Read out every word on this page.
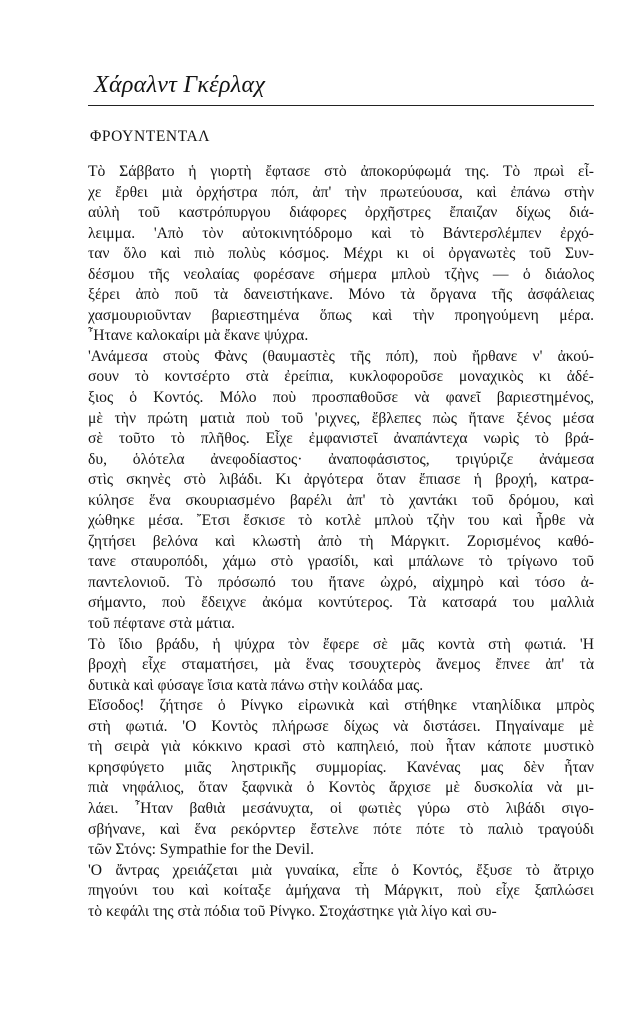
Χάραλντ Γκέρλαχ
ΦΡΟΥΝΤΕΝΤΑΛ

Τὸ Σάββατο ἡ γιορτὴ ἔφτασε στὸ ἀποκορύφωμά της. Τὸ πρωὶ εἶ-
χε ἔρθει μιὰ ὀρχήστρα πόπ, ἀπ' τὴν πρωτεύουσα, καὶ ἐπάνω στὴν
αὐλὴ τοῦ καστρόπυργου διάφορες ὀρχῆστρες ἔπαιζαν δίχως διά-
λειμμα. 'Απὸ τὸν αὐτοκινητόδρομο καὶ τὸ Βάντερσλέμπεν ἐρχό-
ταν ὅλο καὶ πιὸ πολὺς κόσμος. Μέχρι κι οἱ ὀργανωτὲς τοῦ Συν-
δέσμου τῆς νεολαίας φορέσανε σήμερα μπλοὺ τζὴνς — ὁ διάολος
ξέρει ἀπὸ ποῦ τὰ δανειστήκανε. Μόνο τὰ ὄργανα τῆς ἀσφάλειας
χασμουριοῦνταν βαριεστημένα ὅπως καὶ τὴν προηγούμενη μέρα.
῏Ητανε καλοκαίρι μὰ ἔκανε ψύχρα.

'Ανάμεσα στοὺς Φὰνς (θαυμαστὲς τῆς πόπ), ποὺ ἤρθανε ν' ἀκού-
σουν τὸ κοντσέρτο στὰ ἐρείπια, κυκλοφοροῦσε μοναχικὸς κι ἀδέ-
ξιος ὁ Κοντός. Μόλο ποὺ προσπαθοῦσε νὰ φανεῖ βαριεστημένος,
μὲ τὴν πρώτη ματιὰ ποὺ τοῦ 'ριχνες, ἔβλεπες πὼς ἤτανε ξένος μέσα
σὲ τοῦτο τὸ πλῆθος. Εἶχε ἐμφανιστεῖ ἀναπάντεχα νωρὶς τὸ βρά-
δυ, ὁλότελα ἀνεφοδίαστος· ἀναποφάσιστος, τριγύριζε ἀνάμεσα
στὶς σκηνὲς στὸ λιβάδι. Κι ἀργότερα ὅταν ἔπιασε ἡ βροχή, κατρα-
κύλησε ἕνα σκουριασμένο βαρέλι ἀπ' τὸ χαντάκι τοῦ δρόμου, καὶ
χώθηκε μέσα. ῎Ετσι ἔσκισε τὸ κοτλὲ μπλοὺ τζὴν του καὶ ἦρθε νὰ
ζητήσει βελόνα καὶ κλωστὴ ἀπὸ τὴ Μάργκιτ. Ζορισμένος καθό-
τανε σταυροπόδι, χάμω στὸ γρασίδι, καὶ μπάλωνε τὸ τρίγωνο τοῦ
παντελονιοῦ. Τὸ πρόσωπό του ἤτανε ὠχρό, αἰχμηρὸ καὶ τόσο ἀ-
σήμαντο, ποὺ ἔδειχνε ἀκόμα κοντύτερος. Τὰ κατσαρά του μαλλιὰ
τοῦ πέφτανε στὰ μάτια.

Τὸ ἴδιο βράδυ, ἡ ψύχρα τὸν ἔφερε σὲ μᾶς κοντὰ στὴ φωτιά. 'Η
βροχὴ εἶχε σταματήσει, μὰ ἕνας τσουχτερὸς ἄνεμος ἔπνεε ἀπ' τὰ
δυτικὰ καὶ φύσαγε ἴσια κατὰ πάνω στὴν κοιλάδα μας.

Εἴσοδος! ζήτησε ὁ Ρίνγκο εἰρωνικὰ καὶ στήθηκε νταηλίδικα μπρὸς
στὴ φωτιά. 'Ο Κοντὸς πλήρωσε δίχως νὰ διστάσει. Πηγαίναμε μὲ
τὴ σειρὰ γιὰ κόκκινο κρασὶ στὸ καπηλειό, ποὺ ἦταν κάποτε μυστικὸ
κρησφύγετο μιᾶς ληστρικῆς συμμορίας. Κανένας μας δὲν ἦταν
πιὰ νηφάλιος, ὅταν ξαφνικὰ ὁ Κοντὸς ἄρχισε μὲ δυσκολία νὰ μι-
λάει. ῏Ηταν βαθιὰ μεσάνυχτα, οἱ φωτιὲς γύρω στὸ λιβάδι σιγο-
σβήνανε, καὶ ἕνα ρεκόρντερ ἔστελνε πότε πότε τὸ παλιὸ τραγούδι
τῶν Στόνς: Sympathie for the Devil.

'Ο ἄντρας χρειάζεται μιὰ γυναίκα, εἶπε ὁ Κοντός, ἔξυσε τὸ ἄτριχο
πηγούνι του καὶ κοίταξε ἀμήχανα τὴ Μάργκιτ, ποὺ εἶχε ξαπλώσει
τὸ κεφάλι της στὰ πόδια τοῦ Ρίνγκο. Στοχάστηκε γιὰ λίγο καὶ συ-
